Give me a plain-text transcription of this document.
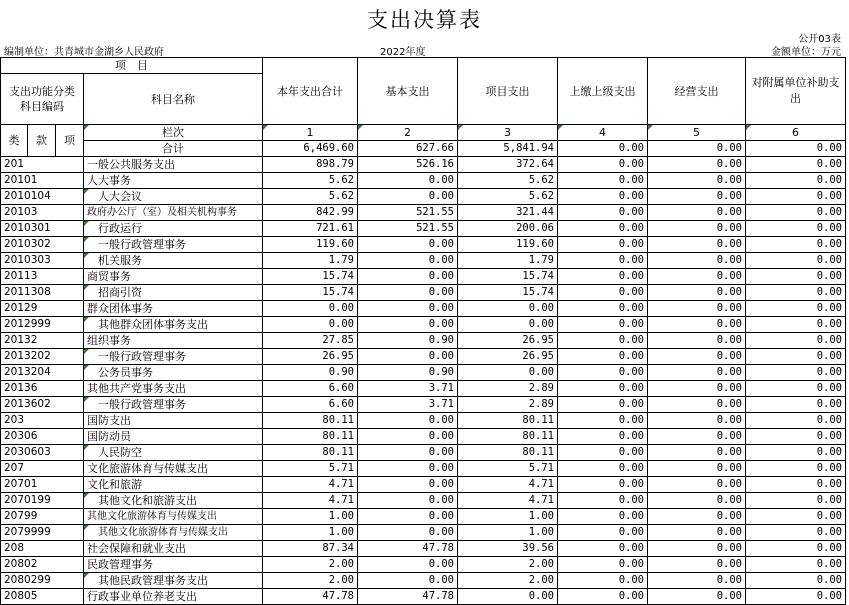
支出决算表
公开03表
编制单位：共青城市金湖乡人民政府	2022年度	金额单位：万元
项　目				本年支出合计	基本支出	项目支出	上缴上级支出	经营支出	对附属单位补助支出
支出功能分类科目编码			科目名称						

类	款	项	栏次	1	2	3	4	5	6
			合计	6,469.60	627.66	5,841.94	0.00	0.00	0.00
201			一般公共服务支出	898.79	526.16	372.64	0.00	0.00	0.00
20101			人大事务	5.62	0.00	5.62	0.00	0.00	0.00
2010104			人大会议	5.62	0.00	5.62	0.00	0.00	0.00
20103			政府办公厅（室）及相关机构事务	842.99	521.55	321.44	0.00	0.00	0.00
2010301			行政运行	721.61	521.55	200.06	0.00	0.00	0.00
2010302			一般行政管理事务	119.60	0.00	119.60	0.00	0.00	0.00
2010303			机关服务	1.79	0.00	1.79	0.00	0.00	0.00
20113			商贸事务	15.74	0.00	15.74	0.00	0.00	0.00
2011308			招商引资	15.74	0.00	15.74	0.00	0.00	0.00
20129			群众团体事务	0.00	0.00	0.00	0.00	0.00	0.00
2012999			其他群众团体事务支出	0.00	0.00	0.00	0.00	0.00	0.00
20132			组织事务	27.85	0.90	26.95	0.00	0.00	0.00
2013202			一般行政管理事务	26.95	0.00	26.95	0.00	0.00	0.00
2013204			公务员事务	0.90	0.90	0.00	0.00	0.00	0.00
20136			其他共产党事务支出	6.60	3.71	2.89	0.00	0.00	0.00
2013602			一般行政管理事务	6.60	3.71	2.89	0.00	0.00	0.00
203			国防支出	80.11	0.00	80.11	0.00	0.00	0.00
20306			国防动员	80.11	0.00	80.11	0.00	0.00	0.00
2030603			人民防空	80.11	0.00	80.11	0.00	0.00	0.00
207			文化旅游体育与传媒支出	5.71	0.00	5.71	0.00	0.00	0.00
20701			文化和旅游	4.71	0.00	4.71	0.00	0.00	0.00
2070199			其他文化和旅游支出	4.71	0.00	4.71	0.00	0.00	0.00
20799			其他文化旅游体育与传媒支出	1.00	0.00	1.00	0.00	0.00	0.00
2079999			其他文化旅游体育与传媒支出	1.00	0.00	1.00	0.00	0.00	0.00
208			社会保障和就业支出	87.34	47.78	39.56	0.00	0.00	0.00
20802			民政管理事务	2.00	0.00	2.00	0.00	0.00	0.00
2080299			其他民政管理事务支出	2.00	0.00	2.00	0.00	0.00	0.00
20805			行政事业单位养老支出	47.78	47.78	0.00	0.00	0.00	0.00
